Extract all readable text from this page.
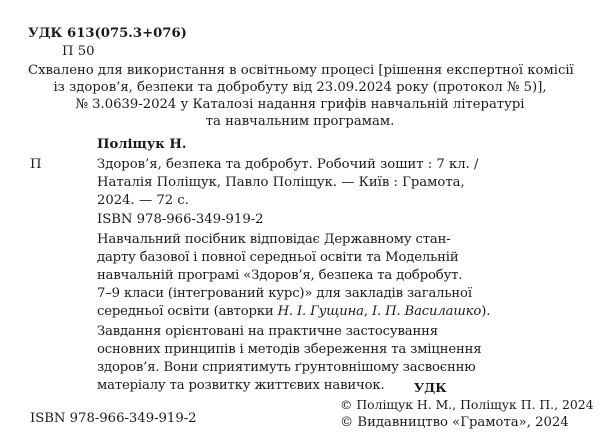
УДК 613(075.3+076)
П 50
Схвалено для використання в освітньому процесі [рішення експертної комісії
із здоров’я, безпеки та добробуту від 23.09.2024 року (протокол № 5)],
№ 3.0639-2024 у Каталозі надання грифів навчальній літературі
та навчальним програмам.
Поліщук Н.
П	Здоров’я, безпека та добробут. Робочий зошит : 7 кл. /
Наталія Поліщук, Павло Поліщук. — Київ : Грамота,
2024. — 72 с.
ISBN 978-966-349-919-2
Навчальний посібник відповідає Державному стан-
дарту базової і повної середньої освіти та Модельній
навчальній програмі «Здоров’я, безпека та добробут.
7–9 класи (інтегрований курс)» для закладів загальної
середньої освіти (авторки Н. І. Гущина, І. П. Василашко).
Завдання орієнтовані на практичне застосування
основних принципів і методів збереження та зміцнення
здоров’я. Вони сприятимуть ґрунтовнішому засвоєнню
матеріалу та розвитку життєвих навичок. УДК
ISBN 978-966-349-919-2
© Поліщук Н. М., Поліщук П. П., 2024
© Видавництво «Грамота», 2024
